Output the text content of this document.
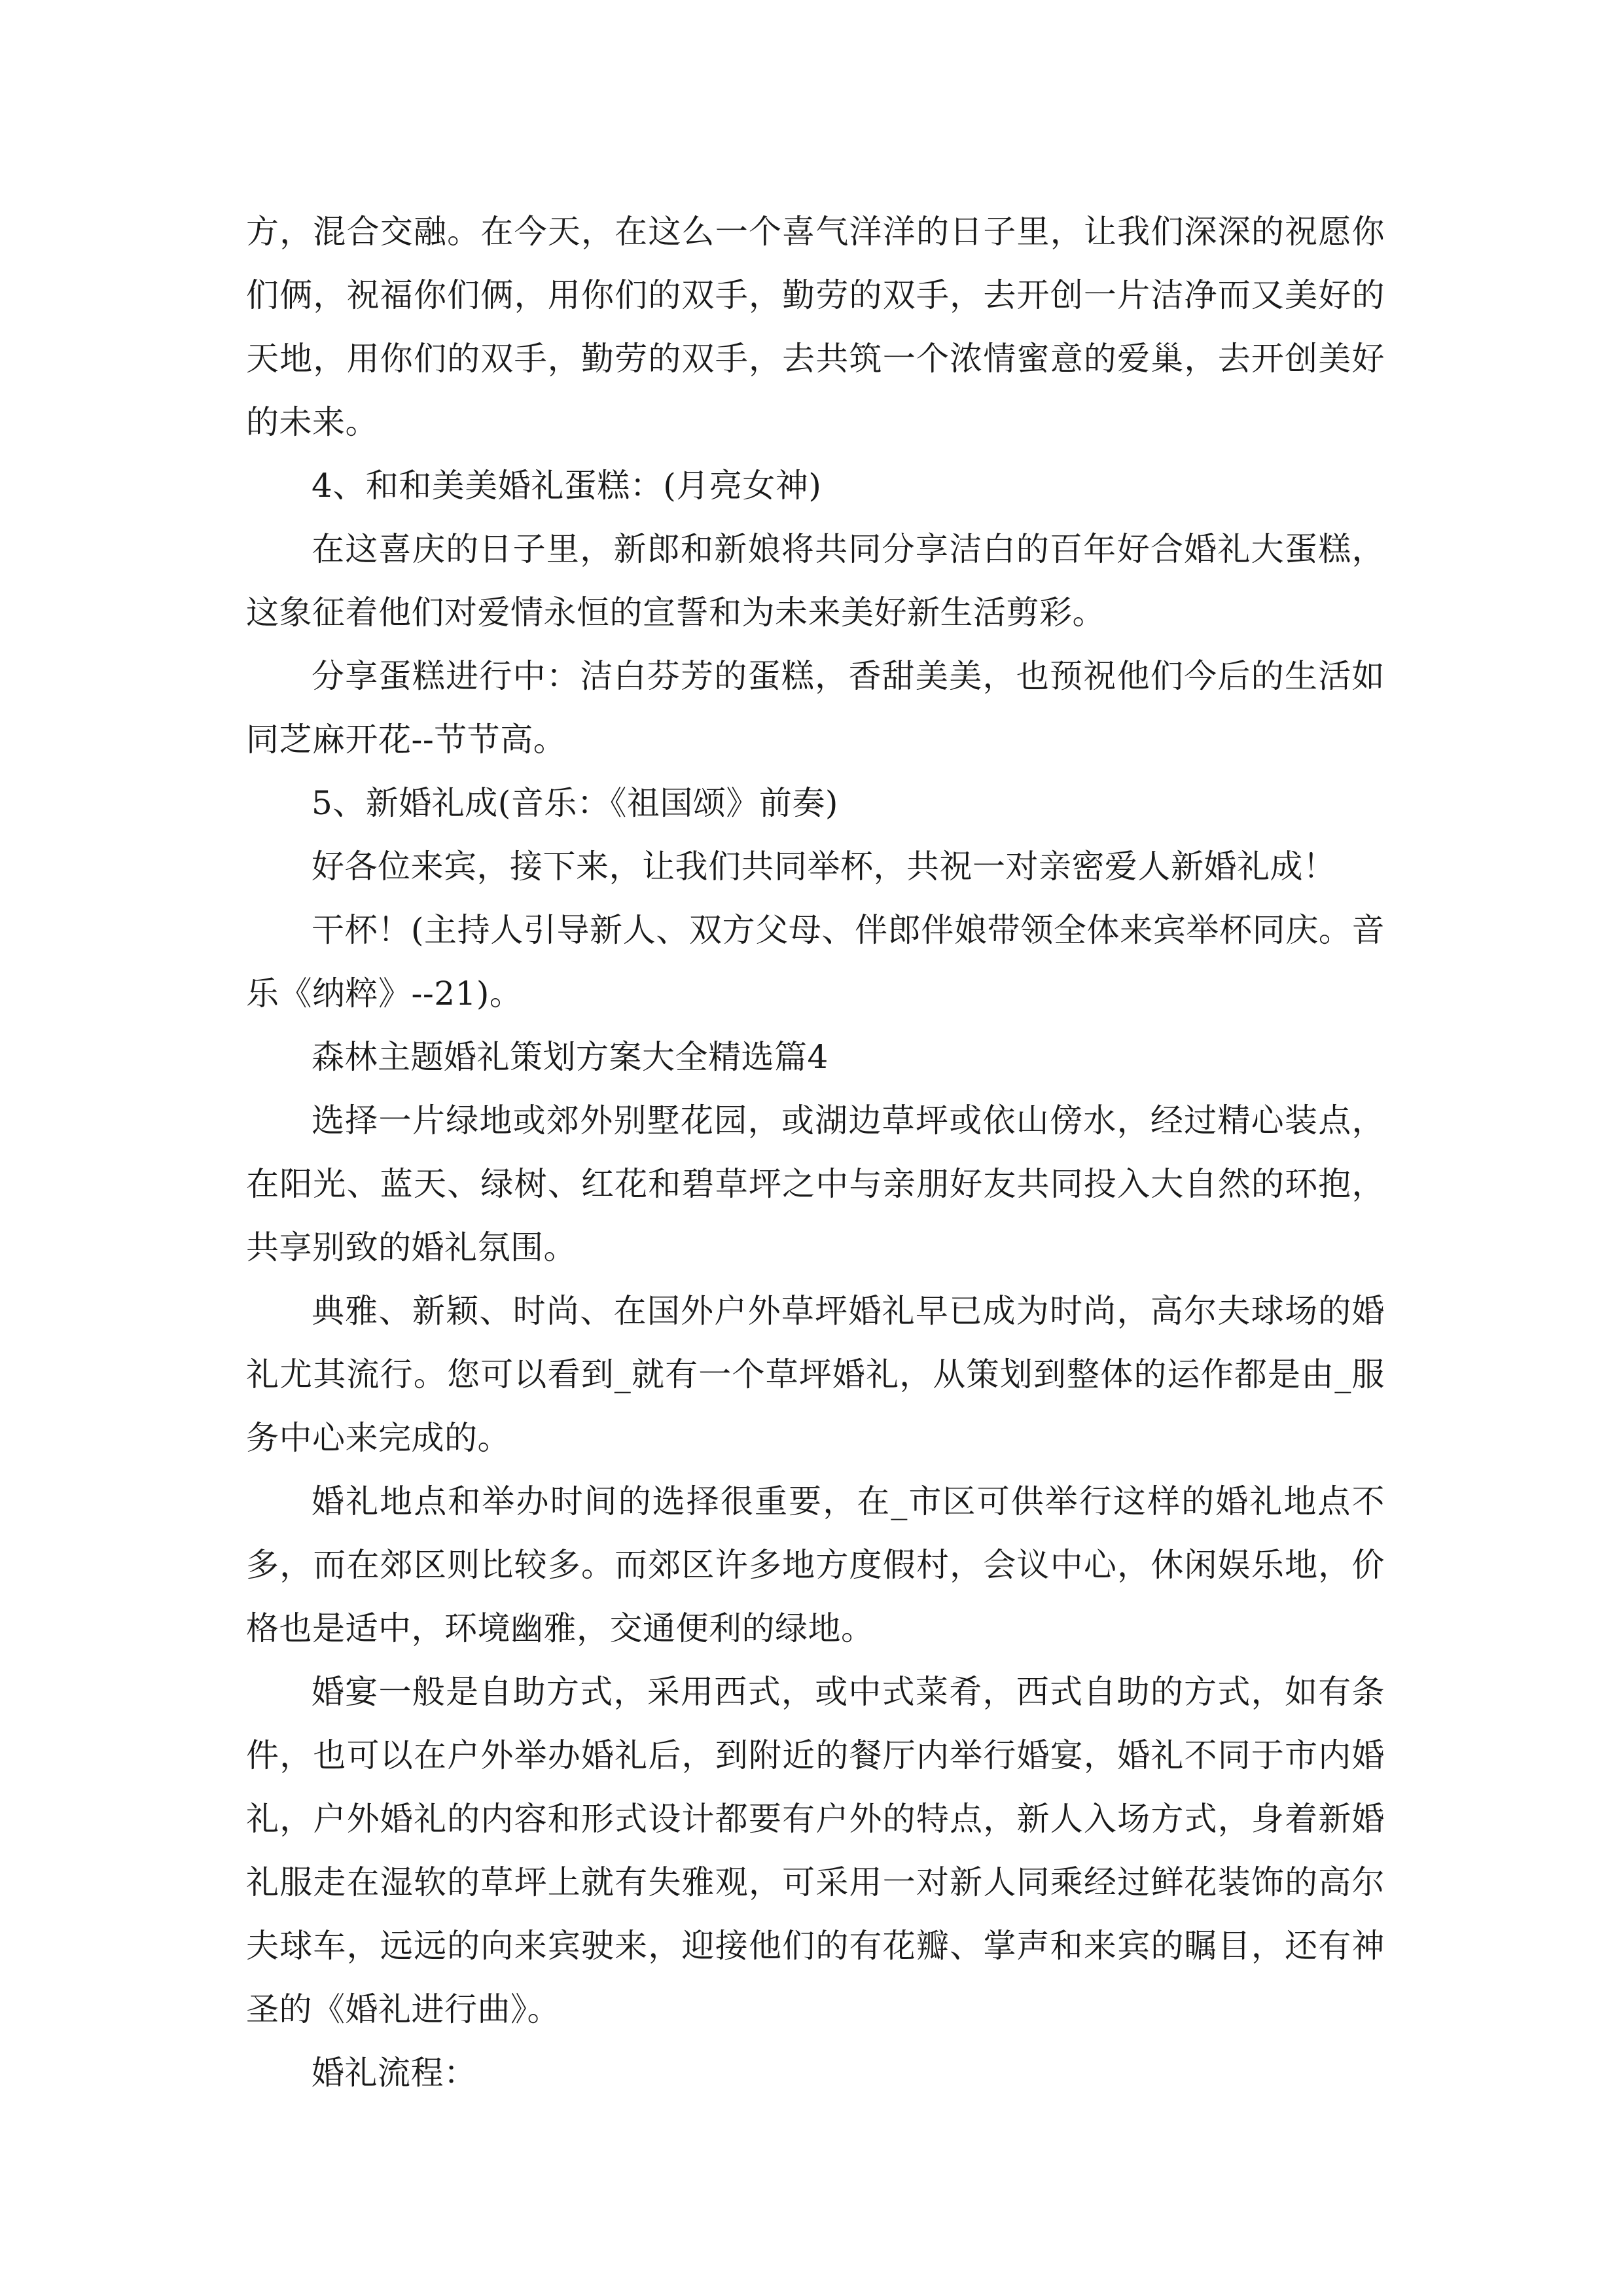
方，混合交融。在今天，在这么一个喜气洋洋的日子里，让我们深深的祝愿你们俩，祝福你们俩，用你们的双手，勤劳的双手，去开创一片洁净而又美好的天地，用你们的双手，勤劳的双手，去共筑一个浓情蜜意的爱巢，去开创美好的未来。

4、和和美美婚礼蛋糕：(月亮女神)

在这喜庆的日子里，新郎和新娘将共同分享洁白的百年好合婚礼大蛋糕，这象征着他们对爱情永恒的宣誓和为未来美好新生活剪彩。

分享蛋糕进行中：洁白芬芳的蛋糕，香甜美美，也预祝他们今后的生活如同芝麻开花--节节高。

5、新婚礼成(音乐：《祖国颂》前奏)

好各位来宾，接下来，让我们共同举杯，共祝一对亲密爱人新婚礼成！

干杯！(主持人引导新人、双方父母、伴郎伴娘带领全体来宾举杯同庆。音乐《纳粹》--21)。

森林主题婚礼策划方案大全精选篇4

选择一片绿地或郊外别墅花园，或湖边草坪或依山傍水，经过精心装点，在阳光、蓝天、绿树、红花和碧草坪之中与亲朋好友共同投入大自然的环抱，共享别致的婚礼氛围。

典雅、新颖、时尚、在国外户外草坪婚礼早已成为时尚，高尔夫球场的婚礼尤其流行。您可以看到_就有一个草坪婚礼，从策划到整体的运作都是由_服务中心来完成的。

婚礼地点和举办时间的选择很重要，在_市区可供举行这样的婚礼地点不多，而在郊区则比较多。而郊区许多地方度假村，会议中心，休闲娱乐地，价格也是适中，环境幽雅，交通便利的绿地。

婚宴一般是自助方式，采用西式，或中式菜肴，西式自助的方式，如有条件，也可以在户外举办婚礼后，到附近的餐厅内举行婚宴，婚礼不同于市内婚礼，户外婚礼的内容和形式设计都要有户外的特点，新人入场方式，身着新婚礼服走在湿软的草坪上就有失雅观，可采用一对新人同乘经过鲜花装饰的高尔夫球车，远远的向来宾驶来，迎接他们的有花瓣、掌声和来宾的瞩目，还有神圣的《婚礼进行曲》。

婚礼流程：
